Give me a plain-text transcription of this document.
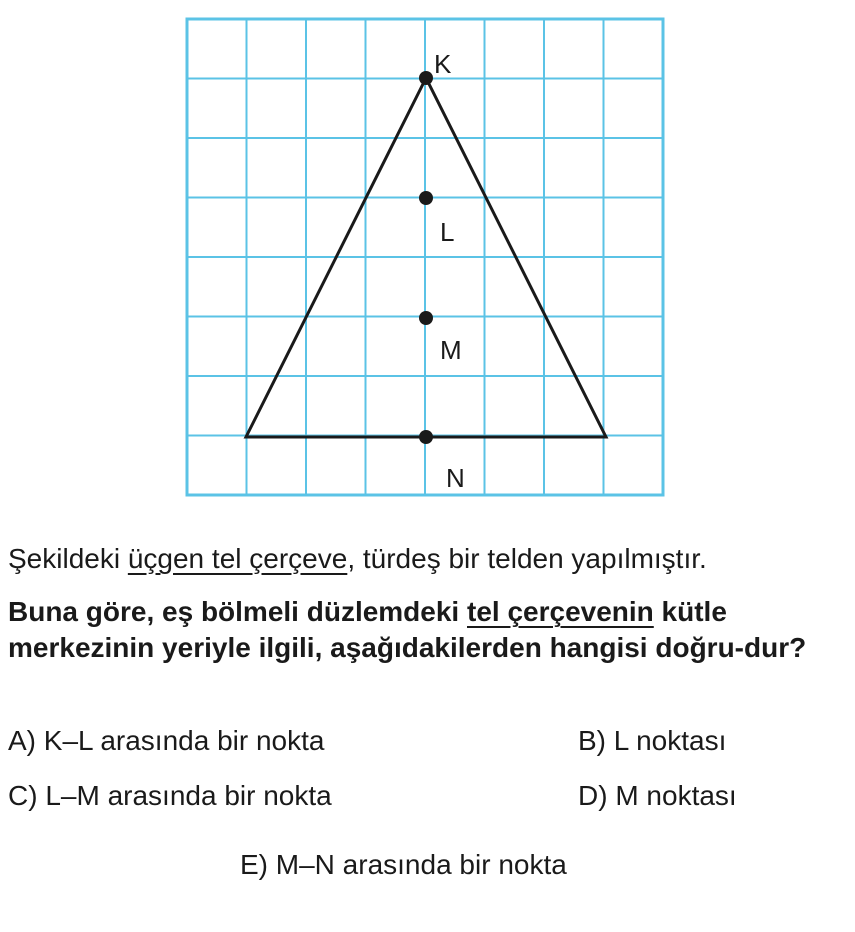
K
L
M
N
Şekildeki üçgen tel çerçeve, türdeş bir telden yapılmıştır.
Buna göre, eş bölmeli düzlemdeki tel çerçevenin kütle merkezinin yeriyle ilgili, aşağıdakilerden hangisi doğru-dur?
A) K–L arasında bir nokta	B) L noktası
C) L–M arasında bir nokta	D) M noktası
E) M–N arasında bir nokta
